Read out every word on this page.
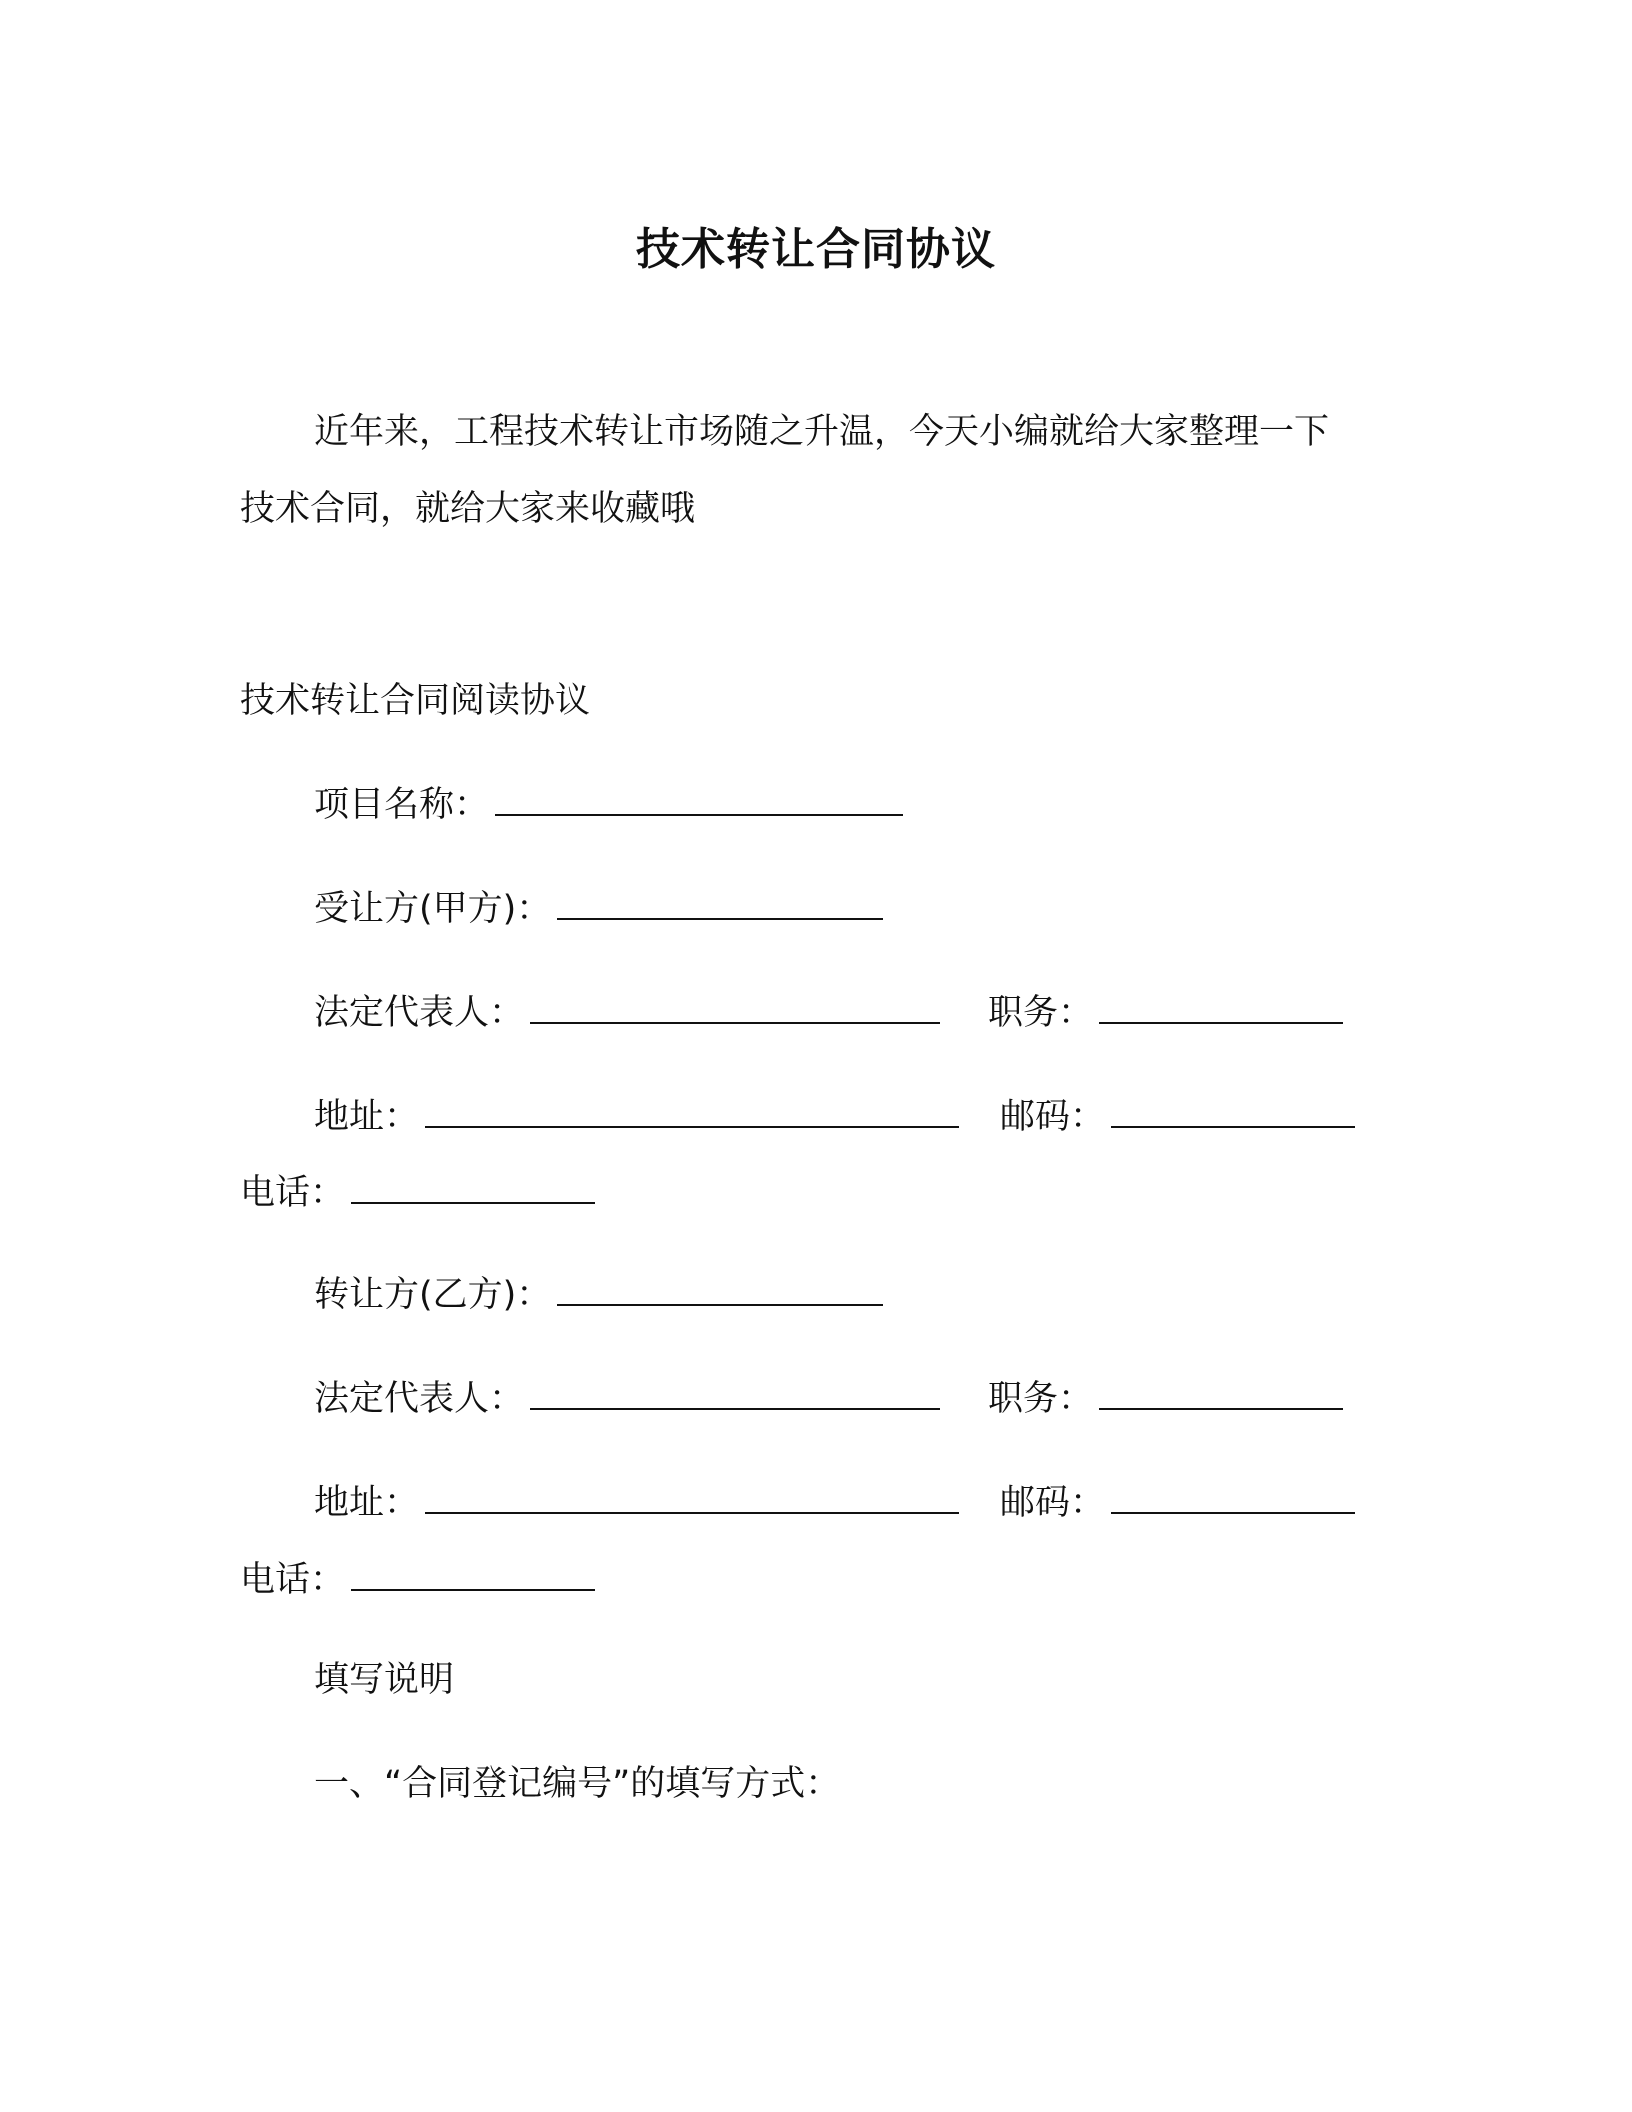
技术转让合同协议
近年来，工程技术转让市场随之升温，今天小编就给大家整理一下技术合同，就给大家来收藏哦
技术转让合同阅读协议
项目名称：
受让方(甲方)：
法定代表人：	职务：
地址：	邮码：
电话：
转让方(乙方)：
法定代表人：	职务：
地址：	邮码：
电话：
填写说明
一、“合同登记编号”的填写方式：
